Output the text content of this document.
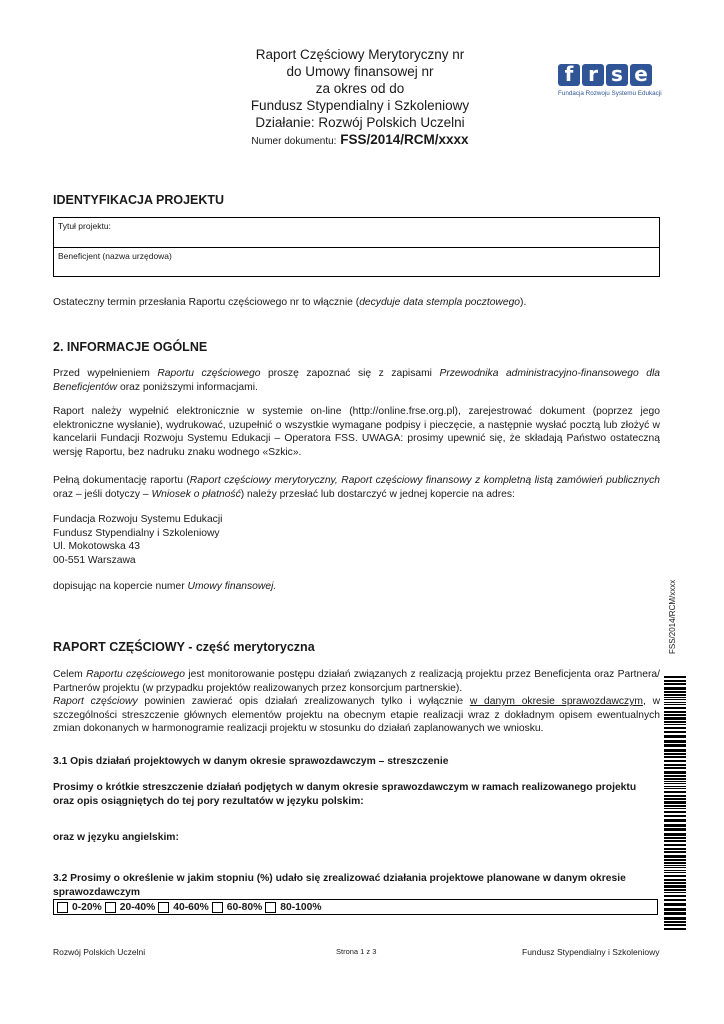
Raport Częściowy Merytoryczny nr
do Umowy finansowej nr
za okres od do
Fundusz Stypendialny i Szkoleniowy
Działanie: Rozwój Polskich Uczelni
Numer dokumentu: FSS/2014/RCM/xxxx
f r s e
Fundacja Rozwoju Systemu Edukacji
IDENTYFIKACJA PROJEKTU
Tytuł projektu:
Beneficjent (nazwa urzędowa)
Ostateczny termin przesłania Raportu częściowego nr to włącznie (decyduje data stempla pocztowego).
2. INFORMACJE OGÓLNE
Przed wypełnieniem Raportu częściowego proszę zapoznać się z zapisami Przewodnika administracyjno-finansowego dla Beneficjentów oraz poniższymi informacjami.
Raport należy wypełnić elektronicznie w systemie on-line (http://online.frse.org.pl), zarejestrować dokument (poprzez jego elektroniczne wysłanie), wydrukować, uzupełnić o wszystkie wymagane podpisy i pieczęcie, a następnie wysłać pocztą lub złożyć w kancelarii Fundacji Rozwoju Systemu Edukacji – Operatora FSS. UWAGA: prosimy upewnić się, że składają Państwo ostateczną wersję Raportu, bez nadruku znaku wodnego «Szkic».
Pełną dokumentację raportu (Raport częściowy merytoryczny, Raport częściowy finansowy z kompletną listą zamówień publicznych oraz – jeśli dotyczy – Wniosek o płatność) należy przesłać lub dostarczyć w jednej kopercie na adres:
Fundacja Rozwoju Systemu Edukacji
Fundusz Stypendialny i Szkoleniowy
Ul. Mokotowska 43
00-551 Warszawa
dopisując na kopercie numer Umowy finansowej.
RAPORT CZĘŚCIOWY - część merytoryczna
Celem Raportu częściowego jest monitorowanie postępu działań związanych z realizacją projektu przez Beneficjenta oraz Partnera/ Partnerów projektu (w przypadku projektów realizowanych przez konsorcjum partnerskie).
Raport częściowy powinien zawierać opis działań zrealizowanych tylko i wyłącznie w danym okresie sprawozdawczym, w szczególności streszczenie głównych elementów projektu na obecnym etapie realizacji wraz z dokładnym opisem ewentualnych zmian dokonanych w harmonogramie realizacji projektu w stosunku do działań zaplanowanych we wniosku.
3.1 Opis działań projektowych w danym okresie sprawozdawczym – streszczenie
Prosimy o krótkie streszczenie działań podjętych w danym okresie sprawozdawczym w ramach realizowanego projektu oraz opis osiągniętych do tej pory rezultatów w języku polskim:
oraz w języku angielskim:
3.2 Prosimy o określenie w jakim stopniu (%) udało się zrealizować działania projektowe planowane w danym okresie sprawozdawczym
0-20% 20-40% 40-60% 60-80% 80-100%
Rozwój Polskich Uczelni	Strona 1 z 3	Fundusz Stypendialny i Szkoleniowy
FSS/2014/RCM/xxxx
